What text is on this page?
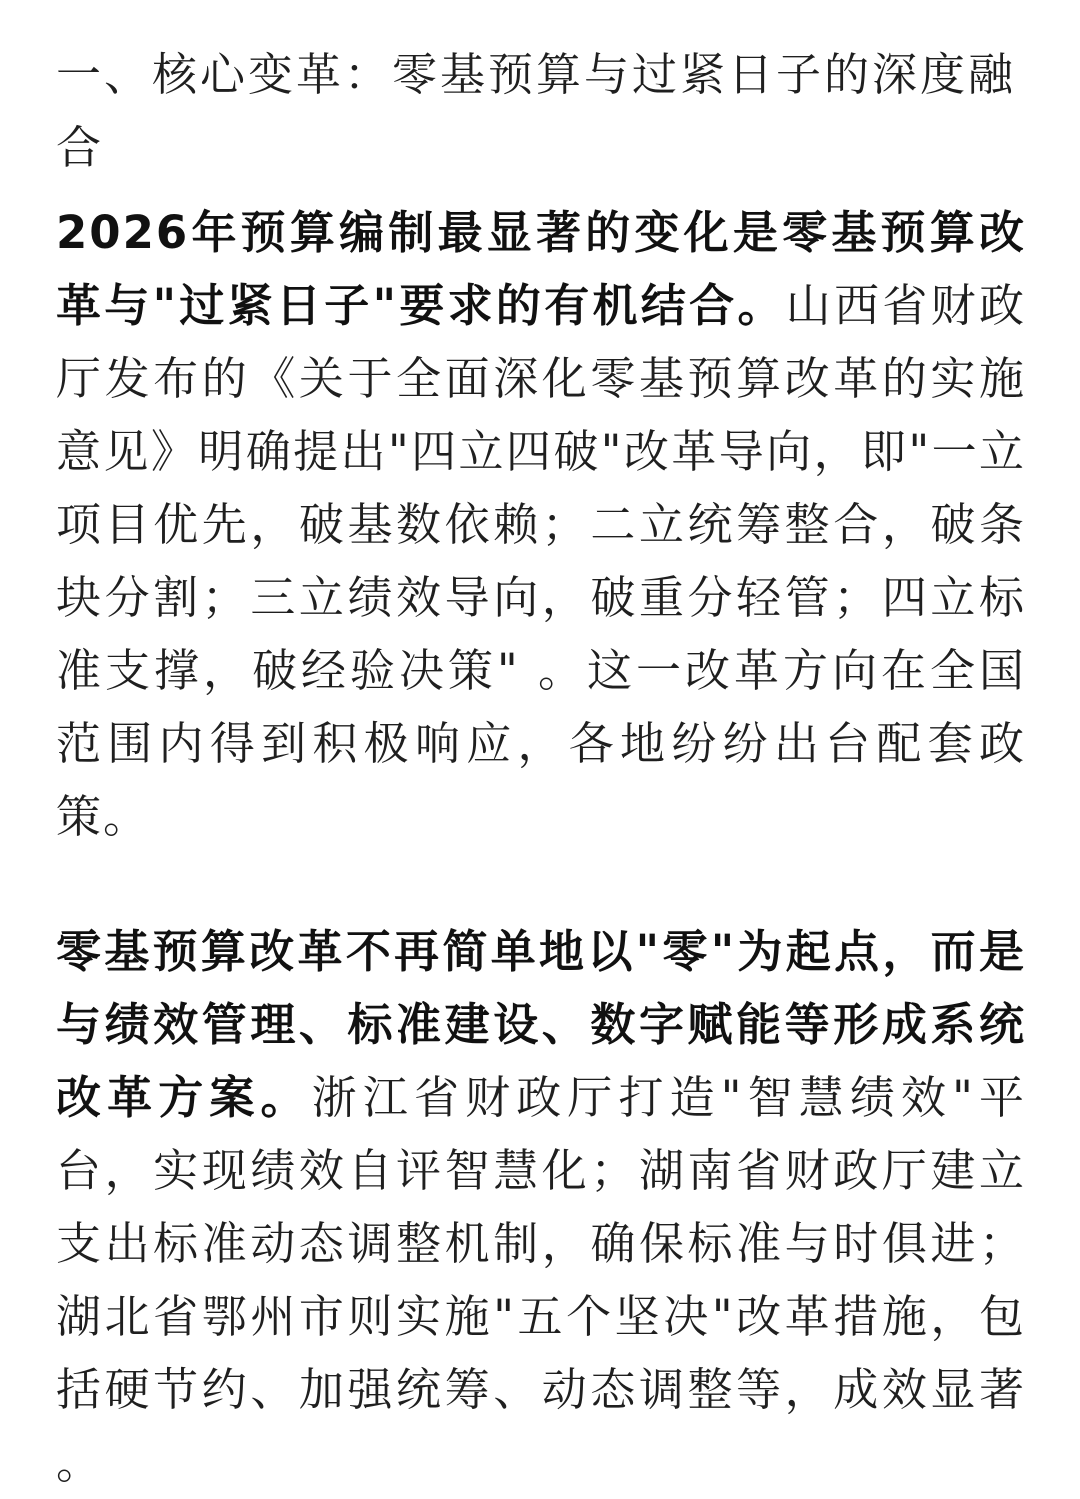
一、核心变革：零基预算与过紧日子的深度融合

2026年预算编制最显著的变化是零基预算改革与"过紧日子"要求的有机结合。山西省财政厅发布的《关于全面深化零基预算改革的实施意见》明确提出"四立四破"改革导向，即"一立项目优先，破基数依赖；二立统筹整合，破条块分割；三立绩效导向，破重分轻管；四立标准支撑，破经验决策" 。这一改革方向在全国范围内得到积极响应，各地纷纷出台配套政策。

零基预算改革不再简单地以"零"为起点，而是与绩效管理、标准建设、数字赋能等形成系统改革方案。浙江省财政厅打造"智慧绩效"平台，实现绩效自评智慧化；湖南省财政厅建立支出标准动态调整机制，确保标准与时俱进；湖北省鄂州市则实施"五个坚决"改革措施，包括硬节约、加强统筹、动态调整等，成效显著 。
